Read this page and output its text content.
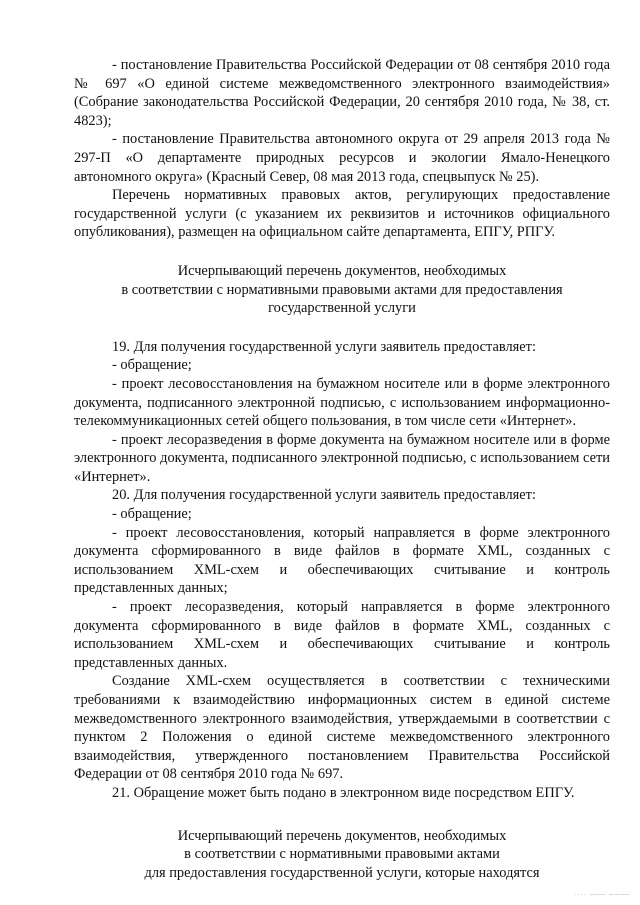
- постановление Правительства Российской Федерации от 08 сентября 2010 года № 697 «О единой системе межведомственного электронного взаимодействия» (Собрание законодательства Российской Федерации, 20 сентября 2010 года, № 38, ст. 4823);

- постановление Правительства автономного округа от 29 апреля 2013 года № 297-П «О департаменте природных ресурсов и экологии Ямало-Ненецкого автономного округа» (Красный Север, 08 мая 2013 года, спецвыпуск № 25).

Перечень нормативных правовых актов, регулирующих предоставление государственной услуги (с указанием их реквизитов и источников официального опубликования), размещен на официальном сайте департамента, ЕПГУ, РПГУ.

Исчерпывающий перечень документов, необходимых

в соответствии с нормативными правовыми актами для предоставления

государственной услуги

19. Для получения государственной услуги заявитель предоставляет:

- обращение;

- проект лесовосстановления на бумажном носителе или в форме электронного документа, подписанного электронной подписью, с использованием информационно-телекоммуникационных сетей общего пользования, в том числе сети «Интернет».

- проект лесоразведения в форме документа на бумажном носителе или в форме электронного документа, подписанного электронной подписью, с использованием сети «Интернет».

20. Для получения государственной услуги заявитель предоставляет:

- обращение;

- проект лесовосстановления, который направляется в форме электронного документа сформированного в виде файлов в формате XML, созданных с использованием XML-схем и обеспечивающих считывание и контроль представленных данных;

- проект лесоразведения, который направляется в форме электронного документа сформированного в виде файлов в формате XML, созданных с использованием XML-схем и обеспечивающих считывание и контроль представленных данных.

Создание XML-схем осуществляется в соответствии с техническими требованиями к взаимодействию информационных систем в единой системе межведомственного электронного взаимодействия, утверждаемыми в соответствии с пунктом 2 Положения о единой системе межведомственного электронного взаимодействия, утвержденного постановлением Правительства Российской Федерации от 08 сентября 2010 года № 697.

21. Обращение может быть подано в электронном виде посредством ЕПГУ.

Исчерпывающий перечень документов, необходимых

в соответствии с нормативными правовыми актами

для предоставления государственной услуги, которые находятся

···· ─── ────
